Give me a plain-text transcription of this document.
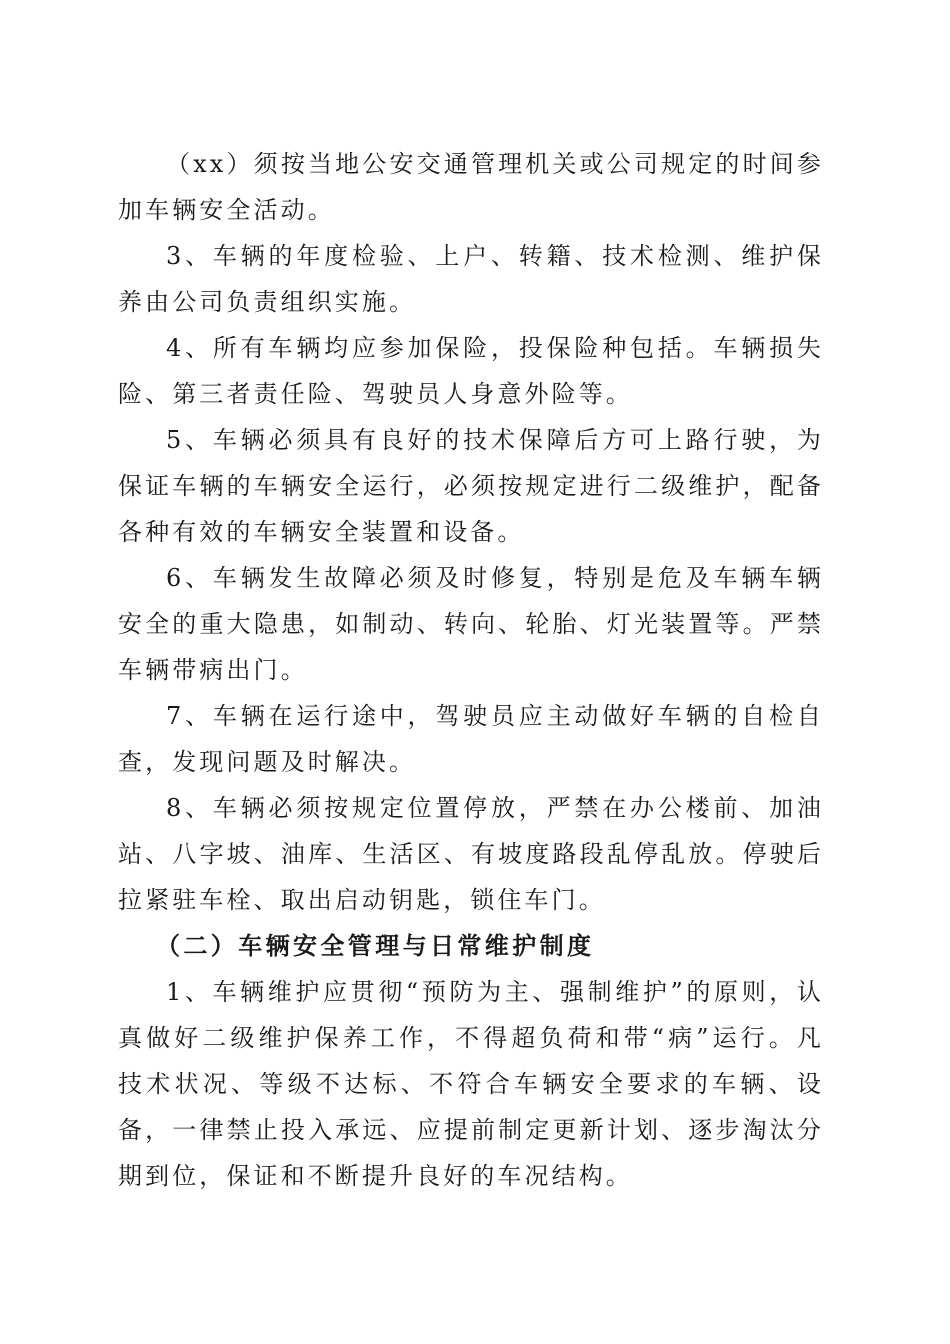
（xx）须按当地公安交通管理机关或公司规定的时间参加车辆安全活动。

3、车辆的年度检验、上户、转籍、技术检测、维护保养由公司负责组织实施。

4、所有车辆均应参加保险，投保险种包括。车辆损失险、第三者责任险、驾驶员人身意外险等。

5、车辆必须具有良好的技术保障后方可上路行驶，为保证车辆的车辆安全运行，必须按规定进行二级维护，配备各种有效的车辆安全装置和设备。

6、车辆发生故障必须及时修复，特别是危及车辆车辆安全的重大隐患，如制动、转向、轮胎、灯光装置等。严禁车辆带病出门。

7、车辆在运行途中，驾驶员应主动做好车辆的自检自查，发现问题及时解决。

8、车辆必须按规定位置停放，严禁在办公楼前、加油站、八字坡、油库、生活区、有坡度路段乱停乱放。停驶后拉紧驻车栓、取出启动钥匙，锁住车门。

（二）车辆安全管理与日常维护制度

1、车辆维护应贯彻“预防为主、强制维护”的原则，认真做好二级维护保养工作，不得超负荷和带“病”运行。凡技术状况、等级不达标、不符合车辆安全要求的车辆、设备，一律禁止投入承远、应提前制定更新计划、逐步淘汰分期到位，保证和不断提升良好的车况结构。
